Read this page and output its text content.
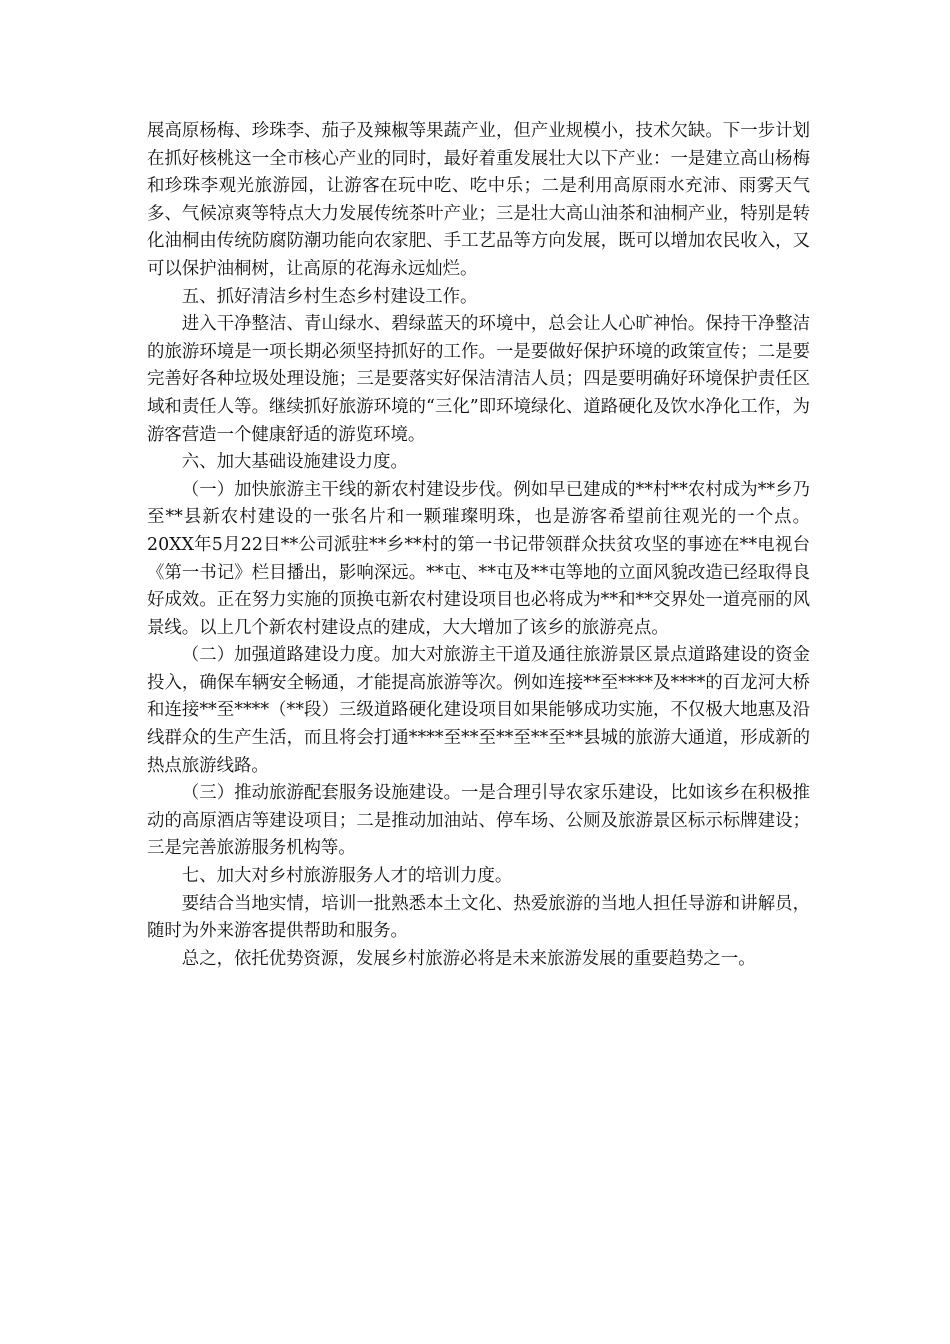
展高原杨梅、珍珠李、茄子及辣椒等果蔬产业，但产业规模小，技术欠缺。下一步计划在抓好核桃这一全市核心产业的同时，最好着重发展壮大以下产业：一是建立高山杨梅和珍珠李观光旅游园，让游客在玩中吃、吃中乐；二是利用高原雨水充沛、雨雾天气多、气候凉爽等特点大力发展传统茶叶产业；三是壮大高山油茶和油桐产业，特别是转化油桐由传统防腐防潮功能向农家肥、手工艺品等方向发展，既可以增加农民收入，又可以保护油桐树，让高原的花海永远灿烂。

五、抓好清洁乡村生态乡村建设工作。

进入干净整洁、青山绿水、碧绿蓝天的环境中，总会让人心旷神怡。保持干净整洁的旅游环境是一项长期必须坚持抓好的工作。一是要做好保护环境的政策宣传；二是要完善好各种垃圾处理设施；三是要落实好保洁清洁人员；四是要明确好环境保护责任区域和责任人等。继续抓好旅游环境的“三化”即环境绿化、道路硬化及饮水净化工作，为游客营造一个健康舒适的游览环境。

六、加大基础设施建设力度。

（一）加快旅游主干线的新农村建设步伐。例如早已建成的**村**农村成为**乡乃至**县新农村建设的一张名片和一颗璀璨明珠，也是游客希望前往观光的一个点。20XX年5月22日**公司派驻**乡**村的第一书记带领群众扶贫攻坚的事迹在**电视台《第一书记》栏目播出，影响深远。**屯、**屯及**屯等地的立面风貌改造已经取得良好成效。正在努力实施的顶换屯新农村建设项目也必将成为**和**交界处一道亮丽的风景线。以上几个新农村建设点的建成，大大增加了该乡的旅游亮点。

（二）加强道路建设力度。加大对旅游主干道及通往旅游景区景点道路建设的资金投入，确保车辆安全畅通，才能提高旅游等次。例如连接**至****及****的百龙河大桥和连接**至****（**段）三级道路硬化建设项目如果能够成功实施，不仅极大地惠及沿线群众的生产生活，而且将会打通****至**至**至**至**县城的旅游大通道，形成新的热点旅游线路。

（三）推动旅游配套服务设施建设。一是合理引导农家乐建设，比如该乡在积极推动的高原酒店等建设项目；二是推动加油站、停车场、公厕及旅游景区标示标牌建设；三是完善旅游服务机构等。

七、加大对乡村旅游服务人才的培训力度。

要结合当地实情，培训一批熟悉本土文化、热爱旅游的当地人担任导游和讲解员，随时为外来游客提供帮助和服务。

总之，依托优势资源，发展乡村旅游必将是未来旅游发展的重要趋势之一。
